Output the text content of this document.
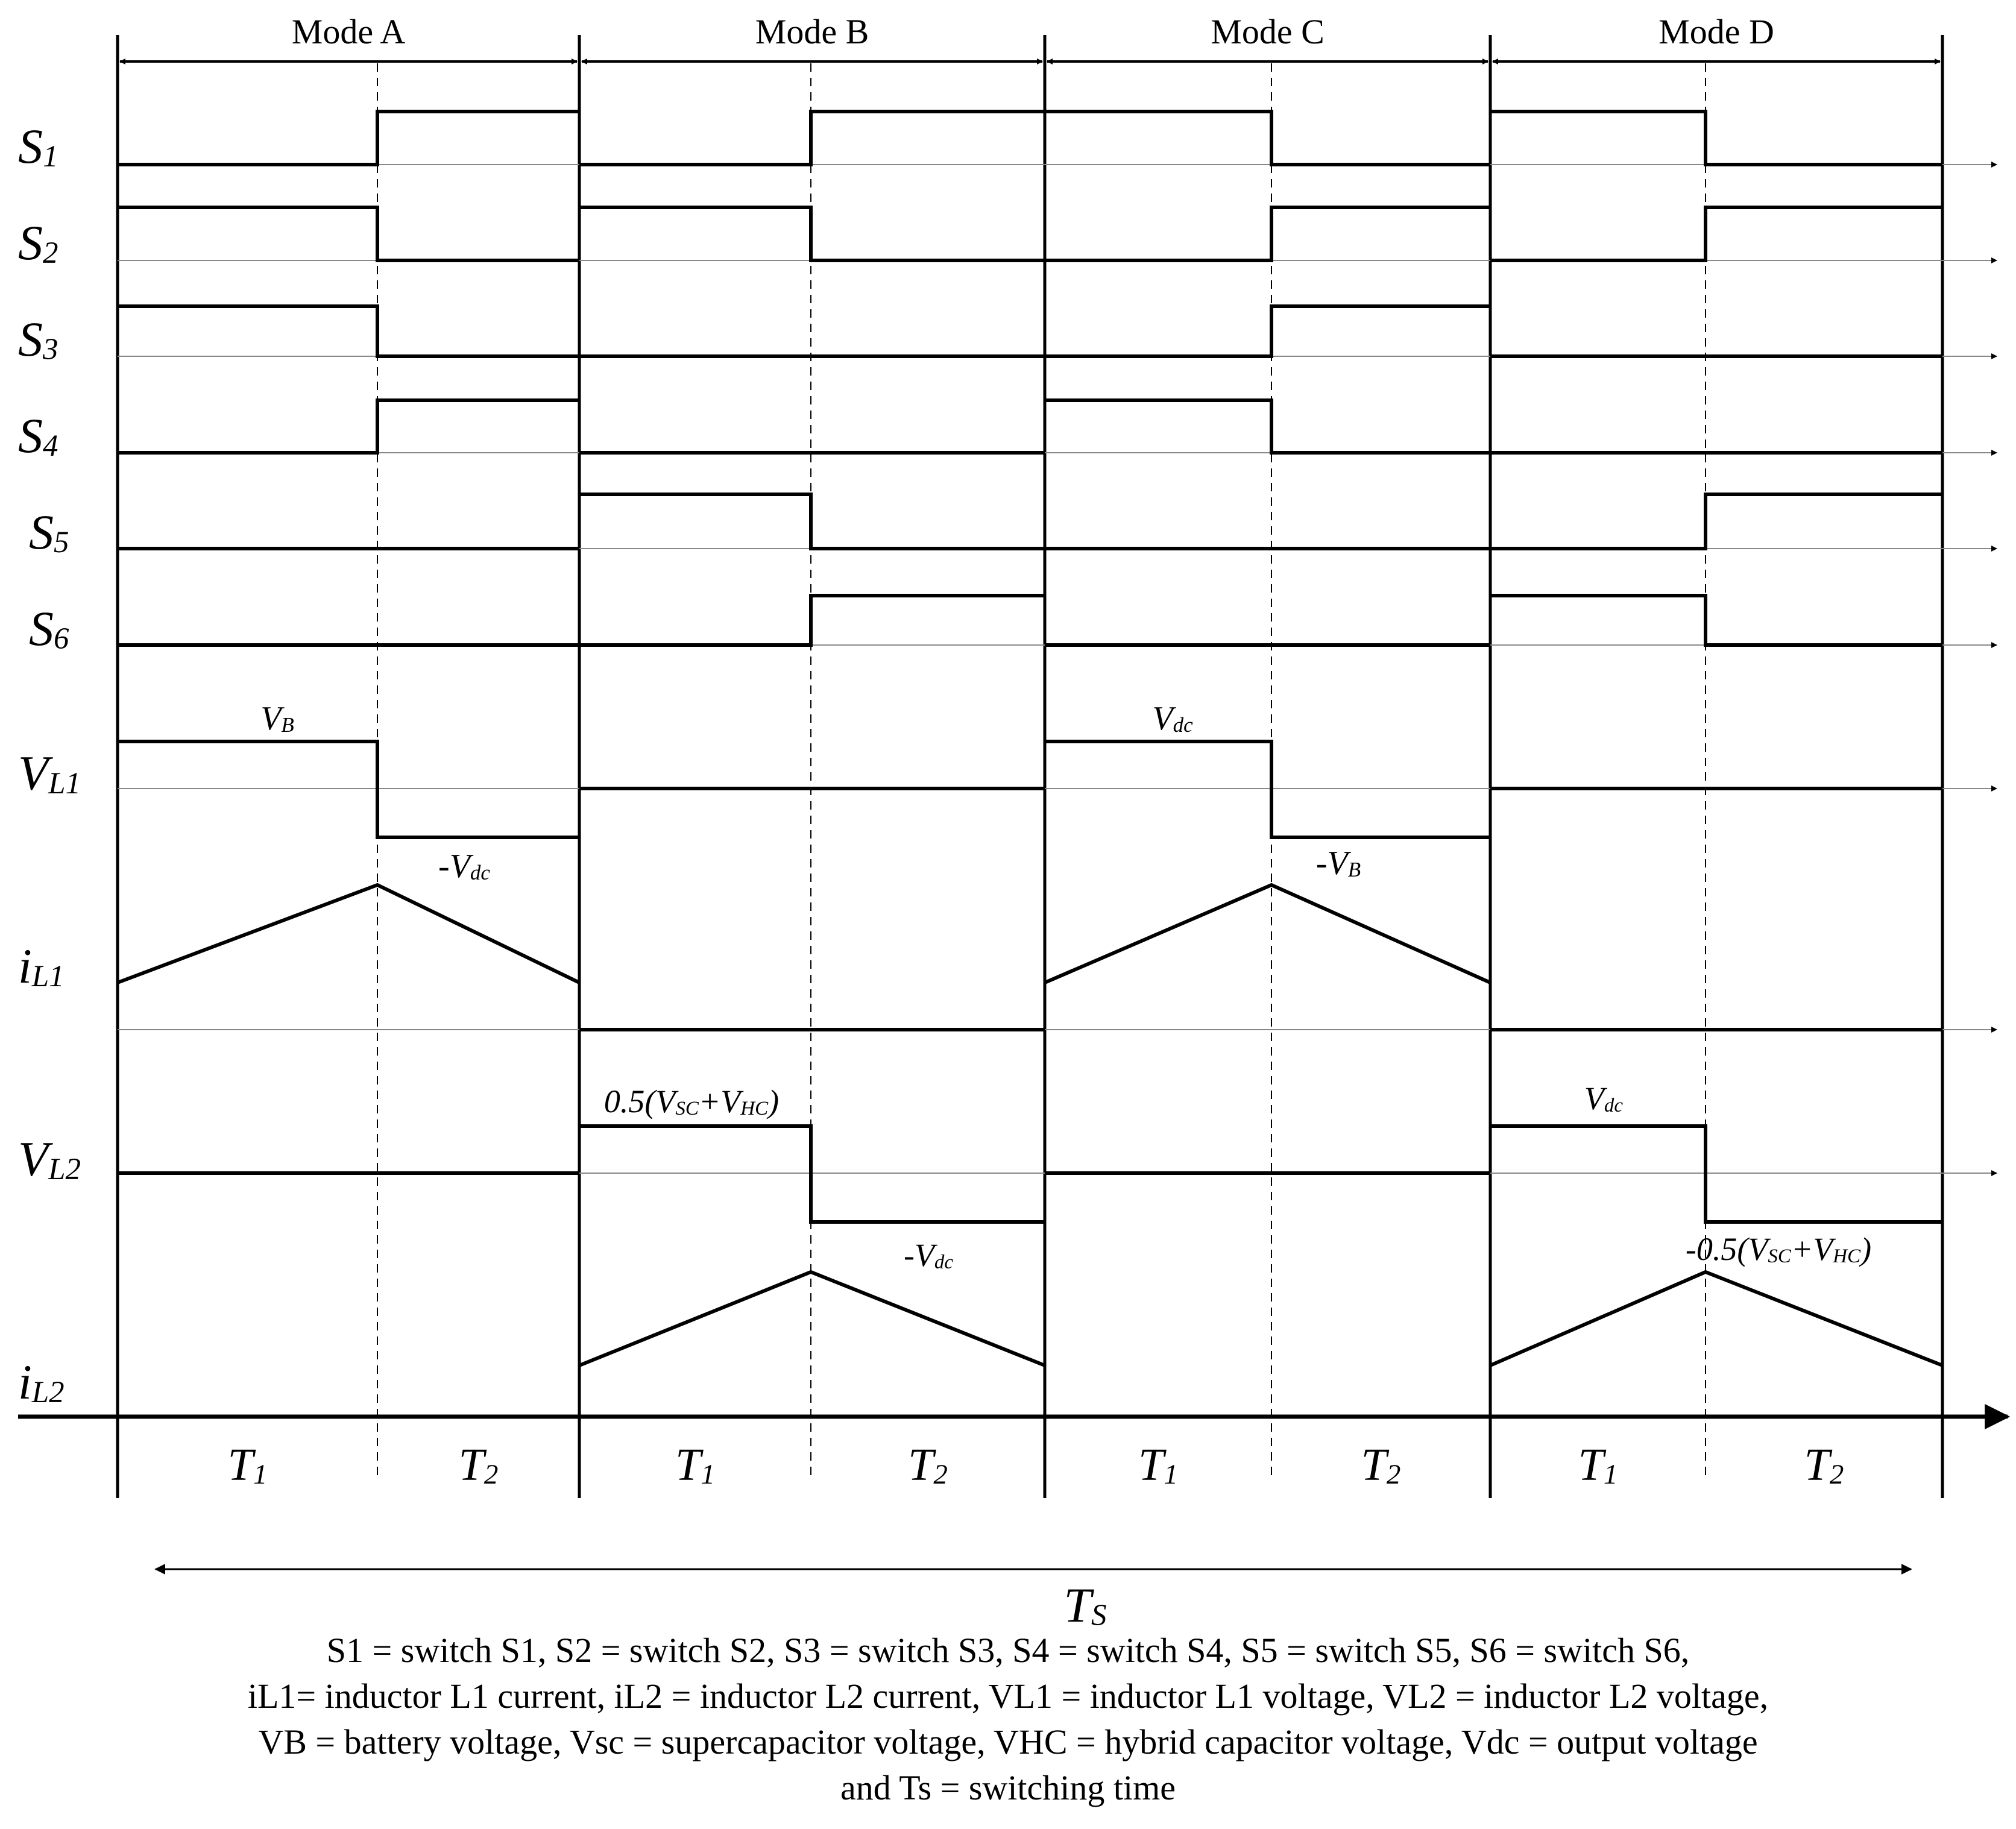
Mode A	Mode B	Mode C	Mode D
S1
S2
S3
S4
S5
S6
VL1
iL1
VL2
iL2
VB
-Vdc
Vdc
-VB
0.5(VSC+VHC)
-Vdc
Vdc
-0.5(VSC+VHC)
T1	T2	T1	T2	T1	T2	T1	T2
TS
S1 = switch S1, S2 = switch S2, S3 = switch S3, S4 = switch S4, S5 = switch S5, S6 = switch S6,
iL1= inductor L1 current, iL2 = inductor L2 current, VL1 = inductor L1 voltage, VL2 = inductor L2 voltage,
VB = battery voltage, Vsc = supercapacitor voltage, VHC = hybrid capacitor voltage, Vdc = output voltage
and Ts = switching time
